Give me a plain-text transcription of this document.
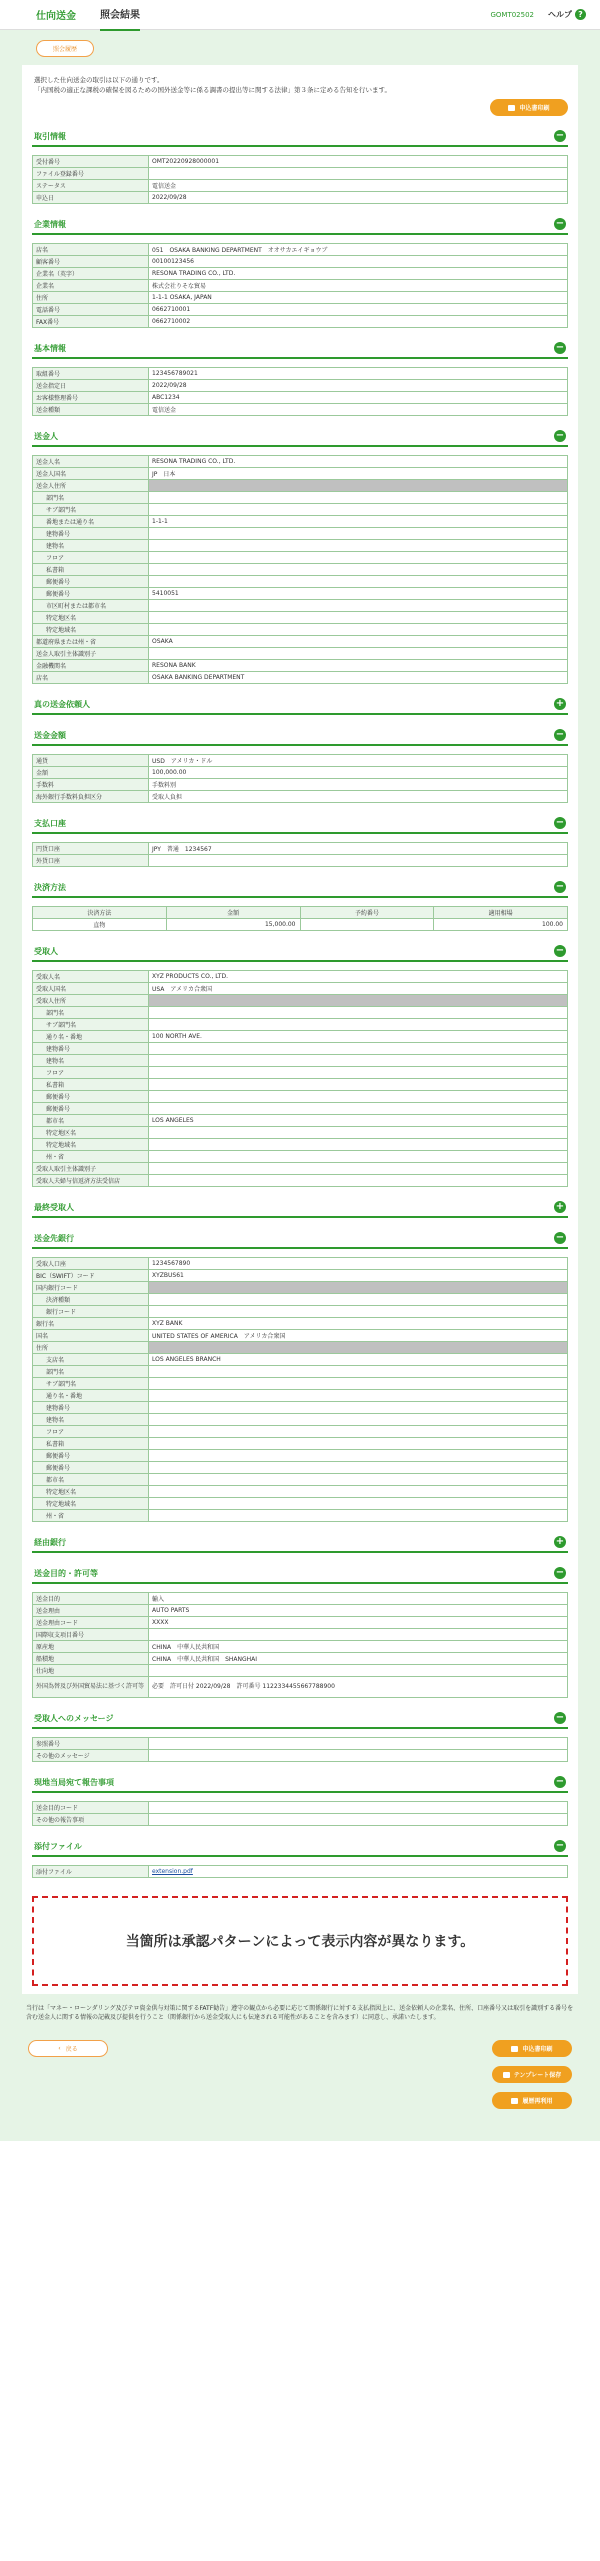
仕向送金 照会結果	GOMT02502 ヘルプ ?
照会履歴
選択した仕向送金の取引は以下の通りです。
「内国税の適正な課税の確保を図るための国外送金等に係る調書の提出等に関する法律」第３条に定める告知を行います。
申込書印刷
取引情報	−
受付番号	OMT20220928000001
ファイル登録番号	
ステータス	電信送金
申込日	2022/09/28
企業情報	−
店名	051　OSAKA BANKING DEPARTMENT　オオサカエイギョウブ
顧客番号	00100123456
企業名（英字）	RESONA TRADING CO., LTD.
企業名	株式会社りそな貿易
住所	1-1-1 OSAKA, JAPAN
電話番号	0662710001
FAX番号	0662710002
基本情報	−
取組番号	1234567890​21
送金指定日	2022/09/28
お客様整理番号	ABC1234
送金種類	電信送金
送金人	−
送金人名	RESONA TRADING CO., LTD.
送金人国名	JP　日本
送金人住所	
部門名	
サブ部門名	
番地または通り名	1-1-1
建物番号	
建物名	
フロア	
私書箱	
郵便番号	
郵便番号	5410051
市区町村または都市名	
特定地区名	
特定地域名	
都道府県または州・省	OSAKA
送金人取引主体識別子	
金融機関名	RESONA BANK
店名	OSAKA BANKING DEPARTMENT
真の送金依頼人	+
送金金額	−
通貨	USD　アメリカ・ドル
金額	100,000.00
手数料	手数料別
海外銀行手数料負担区分	受取人負担
支払口座	−
円貨口座	JPY　普通　1234567
外貨口座	
決済方法	−
決済方法	金額	予約番号	適用相場
直物	15,000.00		100.00
受取人	−
受取人名	XYZ PRODUCTS CO., LTD.
受取人国名	USA　アメリカ合衆国
受取人住所	
部門名	
サブ部門名	
通り名・番地	100 NORTH AVE.
建物番号	
建物名	
フロア	
私書箱	
郵便番号	
郵便番号	
都市名	LOS ANGELES
特定地区名	
特定地域名	
州・省	
受取人取引主体識別子	
受取人夫婦与信返済方法受信店	
最終受取人	+
送金先銀行	−
受取人口座	1234567890
BIC（SWIFT）コード	XYZBUS61
国内銀行コード	
決済種類	
銀行コード	
銀行名	XYZ BANK
国名	UNITED STATES OF AMERICA　アメリカ合衆国
住所	
支店名	LOS ANGELES BRANCH
部門名	
サブ部門名	
通り名・番地	
建物番号	
建物名	
フロア	
私書箱	
郵便番号	
郵便番号	
都市名	
特定地区名	
特定地域名	
州・省	
経由銀行	+
送金目的・許可等	−
送金目的	輸入
送金理由	AUTO PARTS
送金理由コード	XXXX
国際収支項目番号	
原産地	CHINA　中華人民共和国
船積地	CHINA　中華人民共和国　SHANGHAI
仕向地	
外国為替及び外国貿易法に基づく許可等	必要　許可日付 2022/09/28　許可番号 112233445566778​8900
受取人へのメッセージ	−
参照番号	
その他のメッセージ	
現地当局宛て報告事項	−
送金目的コード	
その他の報告事項	
添付ファイル	−
添付ファイル	extension.pdf
当箇所は承認パターンによって表示内容が異なります。
当行は「マネー・ローンダリング及びテロ資金供与対策に関するFATF勧告」遵守の観点から必要に応じて関係銀行に対する支払指図上に、送金依頼人の企業名、住所、口座番号又は取引を識別する番号を含む送金人に関する情報の記載及び提供を行うこと（関係銀行から送金受取人にも伝達される可能性があることを含みます）に同意し、承諾いたします。
‹ 戻る	申込書印刷
テンプレート保存
履歴再利用
